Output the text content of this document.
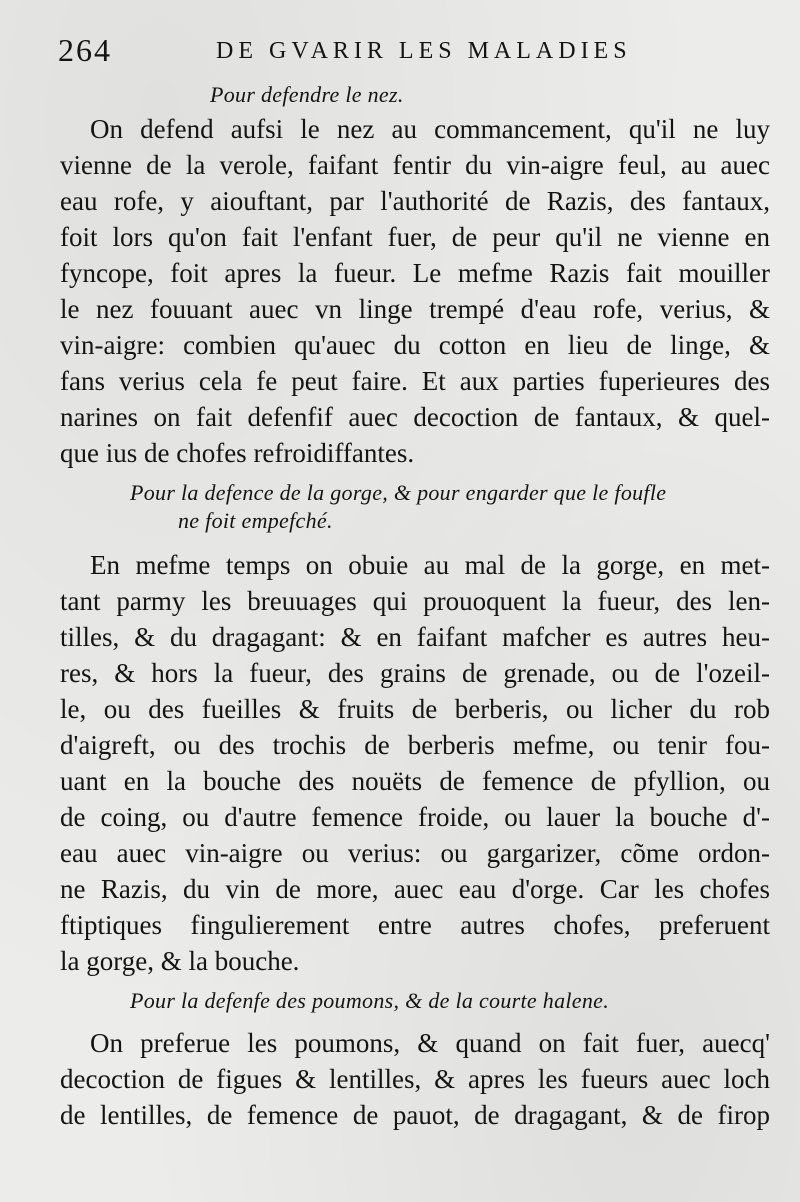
264	DE GVARIR LES MALADIES
Pour defendre le nez.
On defend aufsi le nez au commancement, qu'il ne luy
vienne de la verole, faifant fentir du vin-aigre feul, au auec
eau rofe, y aiouftant, par l'authorité de Razis, des fantaux,
foit lors qu'on fait l'enfant fuer, de peur qu'il ne vienne en
fyncope, foit apres la fueur. Le mefme Razis fait mouiller
le nez fouuant auec vn linge trempé d'eau rofe, verius, &
vin-aigre: combien qu'auec du cotton en lieu de linge, &
fans verius cela fe peut faire. Et aux parties fuperieures des
narines on fait defenfif auec decoction de fantaux, & quel-
que ius de chofes refroidiffantes.
Pour la defence de la gorge, & pour engarder que le foufle
ne foit empefché.
En mefme temps on obuie au mal de la gorge, en met-
tant parmy les breuuages qui prouoquent la fueur, des len-
tilles, & du dragagant: & en faifant mafcher es autres heu-
res, & hors la fueur, des grains de grenade, ou de l'ozeil-
le, ou des fueilles & fruits de berberis, ou licher du rob
d'aigreft, ou des trochis de berberis mefme, ou tenir fou-
uant en la bouche des nouëts de femence de pfyllion, ou
de coing, ou d'autre femence froide, ou lauer la bouche d'-
eau auec vin-aigre ou verius: ou gargarizer, cõme ordon-
ne Razis, du vin de more, auec eau d'orge. Car les chofes
ftiptiques fingulierement entre autres chofes, preferuent
la gorge, & la bouche.
Pour la defenfe des poumons, & de la courte halene.
On preferue les poumons, & quand on fait fuer, auecq'
decoction de figues & lentilles, & apres les fueurs auec loch
de lentilles, de femence de pauot, de dragagant, & de firop
